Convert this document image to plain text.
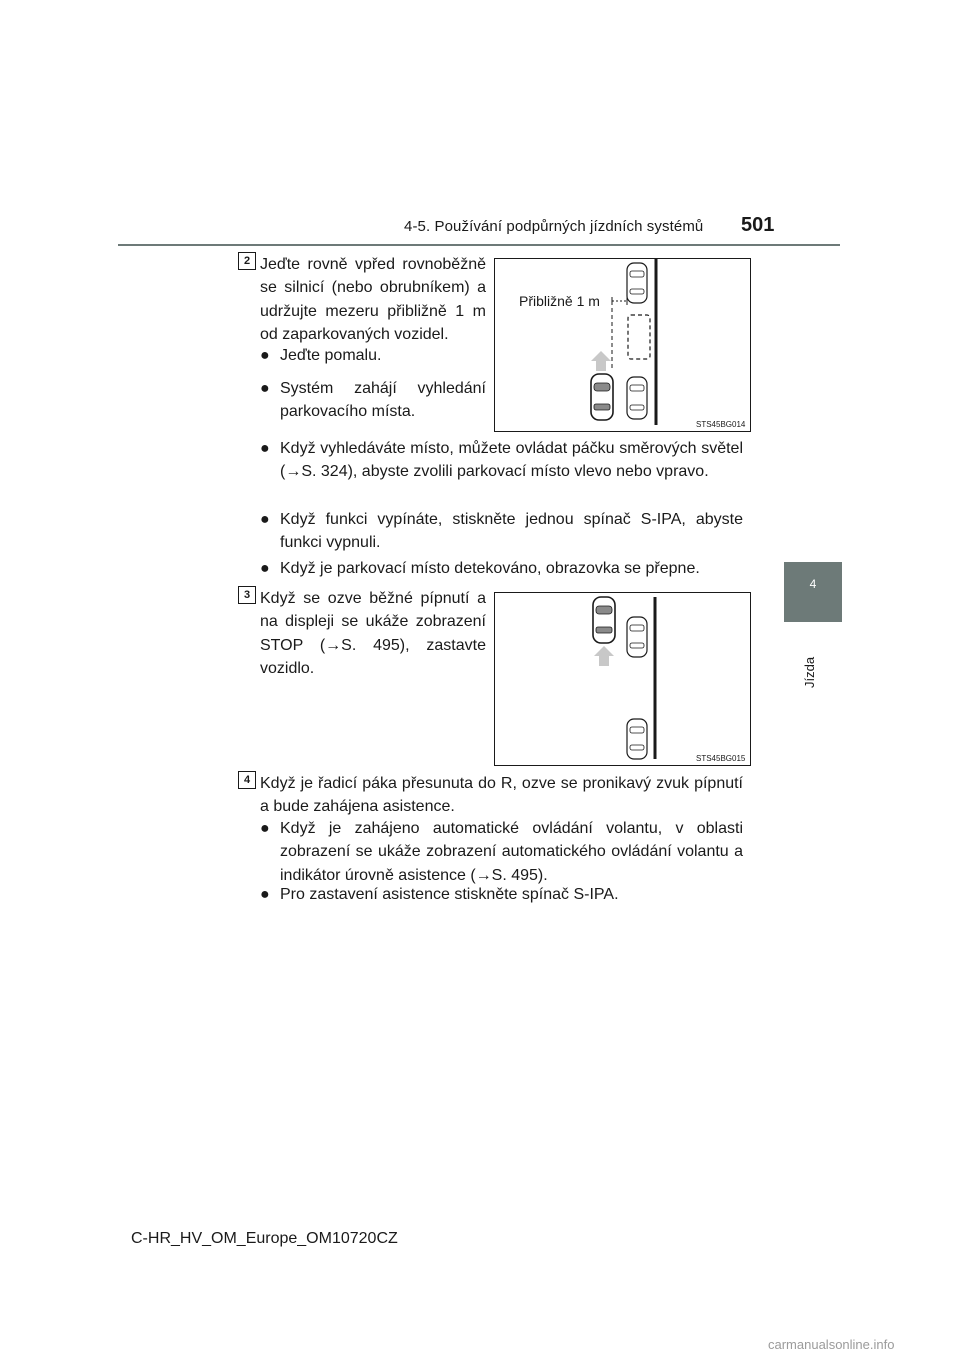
4-5. Používání podpůrných jízdních systémů 501
4
Jízda
2 Jeďte rovně vpřed rovnoběžně se silnicí (nebo obrubníkem) a udržujte mezeru přibližně 1 m od zaparkovaných vozidel.
● Jeďte pomalu.
● Systém zahájí vyhledání parkovacího místa.
Přibližně 1 m
STS45BG014
● Když vyhledáváte místo, můžete ovládat páčku směrových světel (→S. 324), abyste zvolili parkovací místo vlevo nebo vpravo.
● Když funkci vypínáte, stiskněte jednou spínač S-IPA, abyste funkci vypnuli.
● Když je parkovací místo detekováno, obrazovka se přepne.
3 Když se ozve běžné pípnutí a na displeji se ukáže zobrazení STOP (→S. 495), zastavte vozidlo.
STS45BG015
4 Když je řadicí páka přesunuta do R, ozve se pronikavý zvuk pípnutí a bude zahájena asistence.
● Když je zahájeno automatické ovládání volantu, v oblasti zobrazení se ukáže zobrazení automatického ovládání volantu a indikátor úrovně asistence (→S. 495).
● Pro zastavení asistence stiskněte spínač S-IPA.
C-HR_HV_OM_Europe_OM10720CZ
carmanualsonline.info
